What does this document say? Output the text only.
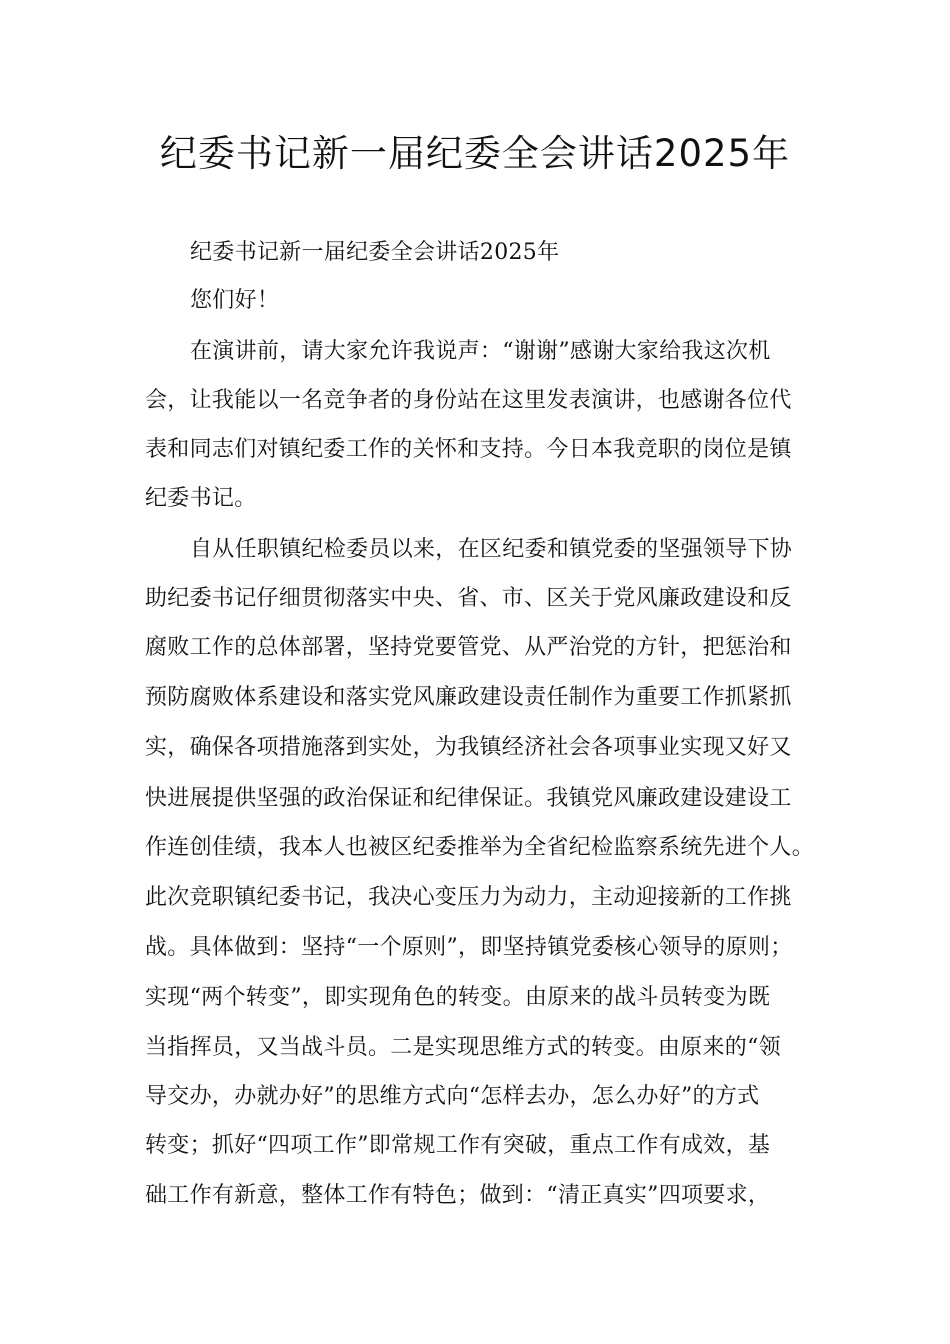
纪委书记新一届纪委全会讲话2025年
纪委书记新一届纪委全会讲话2025年
您们好！
在演讲前，请大家允许我说声：“谢谢”感谢大家给我这次机
会，让我能以一名竞争者的身份站在这里发表演讲，也感谢各位代
表和同志们对镇纪委工作的关怀和支持。今日本我竞职的岗位是镇
纪委书记。
自从任职镇纪检委员以来，在区纪委和镇党委的坚强领导下协
助纪委书记仔细贯彻落实中央、省、市、区关于党风廉政建设和反
腐败工作的总体部署，坚持党要管党、从严治党的方针，把惩治和
预防腐败体系建设和落实党风廉政建设责任制作为重要工作抓紧抓
实，确保各项措施落到实处，为我镇经济社会各项事业实现又好又
快进展提供坚强的政治保证和纪律保证。我镇党风廉政建设建设工
作连创佳绩，我本人也被区纪委推举为全省纪检监察系统先进个人。
此次竞职镇纪委书记，我决心变压力为动力，主动迎接新的工作挑
战。具体做到：坚持“一个原则”，即坚持镇党委核心领导的原则；
实现“两个转变”，即实现角色的转变。由原来的战斗员转变为既
当指挥员，又当战斗员。二是实现思维方式的转变。由原来的“领
导交办，办就办好”的思维方式向“怎样去办，怎么办好”的方式
转变；抓好“四项工作”即常规工作有突破，重点工作有成效，基
础工作有新意，整体工作有特色；做到：“清正真实”四项要求，
